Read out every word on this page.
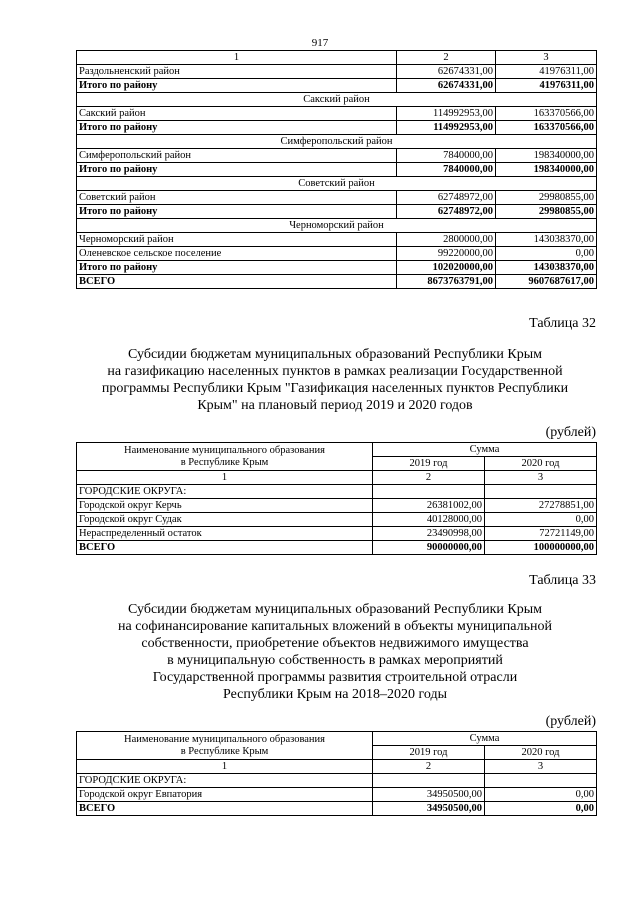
917
1	2	3
Раздольненский район	62674331,00	41976311,00
Итого по району	62674331,00	41976311,00
Сакский район		
Сакский район	114992953,00	163370566,00
Итого по району	114992953,00	163370566,00
Симферопольский район		
Симферопольский район	7840000,00	198340000,00
Итого по району	7840000,00	198340000,00
Советский район		
Советский район	62748972,00	29980855,00
Итого по району	62748972,00	29980855,00
Черноморский район		
Черноморский район	2800000,00	143038370,00
Оленевское сельское поселение	99220000,00	0,00
Итого по району	102020000,00	143038370,00
ВСЕГО	8673763791,00	9607687617,00
Таблица 32
Субсидии бюджетам муниципальных образований Республики Крым
на газификацию населенных пунктов в рамках реализации Государственной
программы Республики Крым "Газификация населенных пунктов Республики
Крым" на плановый период 2019 и 2020 годов
(рублей)
Наименование муниципального образования
в Республике Крым	Сумма	
	2019 год	2020 год
1	2	3
ГОРОДСКИЕ ОКРУГА:		
Городской округ Керчь	26381002,00	27278851,00
Городской округ Судак	40128000,00	0,00
Нераспределенный остаток	23490998,00	72721149,00
ВСЕГО	90000000,00	100000000,00
Таблица 33
Субсидии бюджетам муниципальных образований Республики Крым
на софинансирование капитальных вложений в объекты муниципальной
собственности, приобретение объектов недвижимого имущества
в муниципальную собственность в рамках мероприятий
Государственной программы развития строительной отрасли
Республики Крым на 2018–2020 годы
(рублей)
Наименование муниципального образования
в Республике Крым	Сумма	
	2019 год	2020 год
1	2	3
ГОРОДСКИЕ ОКРУГА:		
Городской округ Евпатория	34950500,00	0,00
ВСЕГО	34950500,00	0,00
